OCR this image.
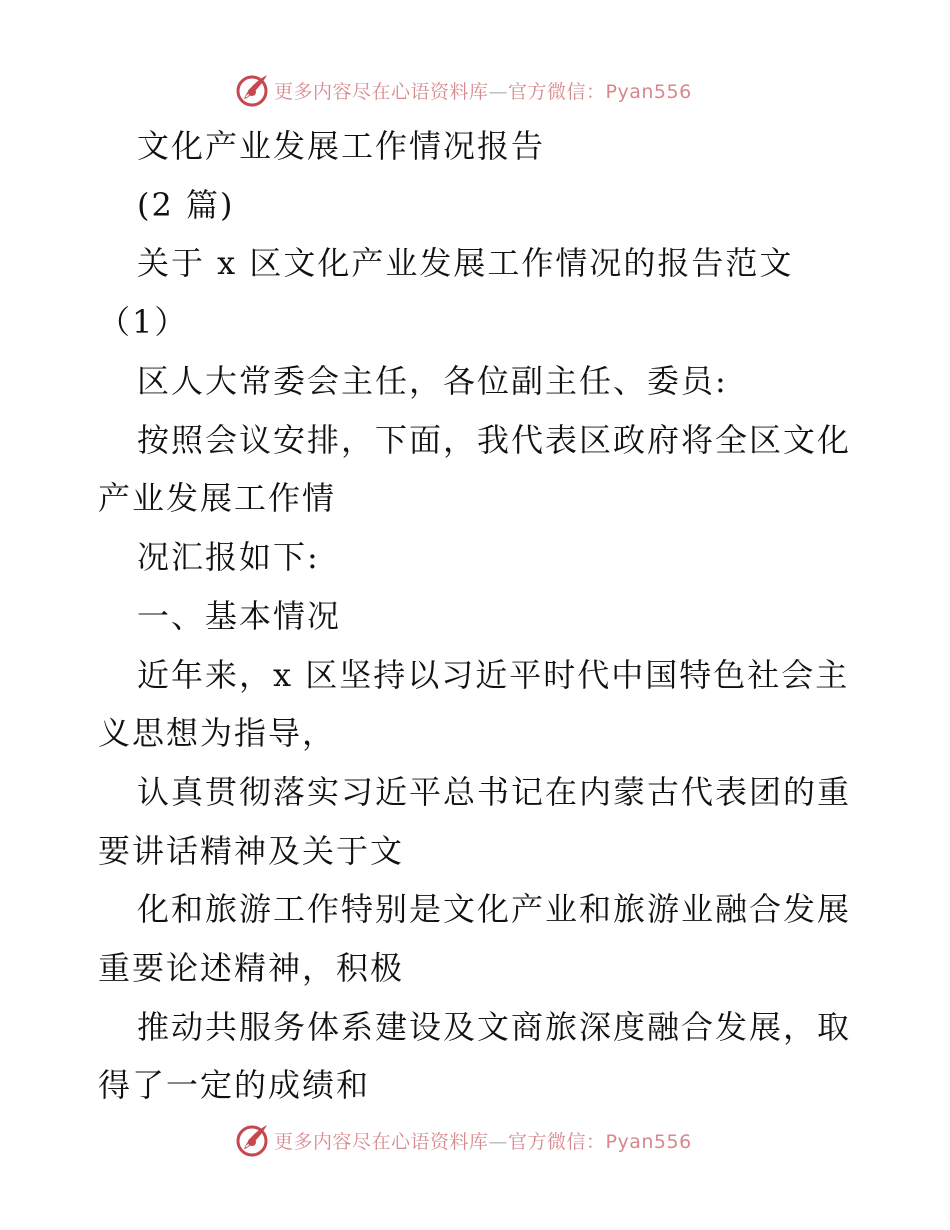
更多内容尽在心语资料库—官方微信：Pyan556

文化产业发展工作情况报告

(2 篇)

关于 x 区文化产业发展工作情况的报告范文

（1）

区人大常委会主任，各位副主任、委员:

按照会议安排，下面，我代表区政府将全区文化

产业发展工作情

况汇报如下:

一、基本情况

近年来，x 区坚持以习近平时代中国特色社会主

义思想为指导，

认真贯彻落实习近平总书记在内蒙古代表团的重

要讲话精神及关于文

化和旅游工作特别是文化产业和旅游业融合发展

重要论述精神，积极

推动共服务体系建设及文商旅深度融合发展，取

得了一定的成绩和

更多内容尽在心语资料库—官方微信：Pyan556
